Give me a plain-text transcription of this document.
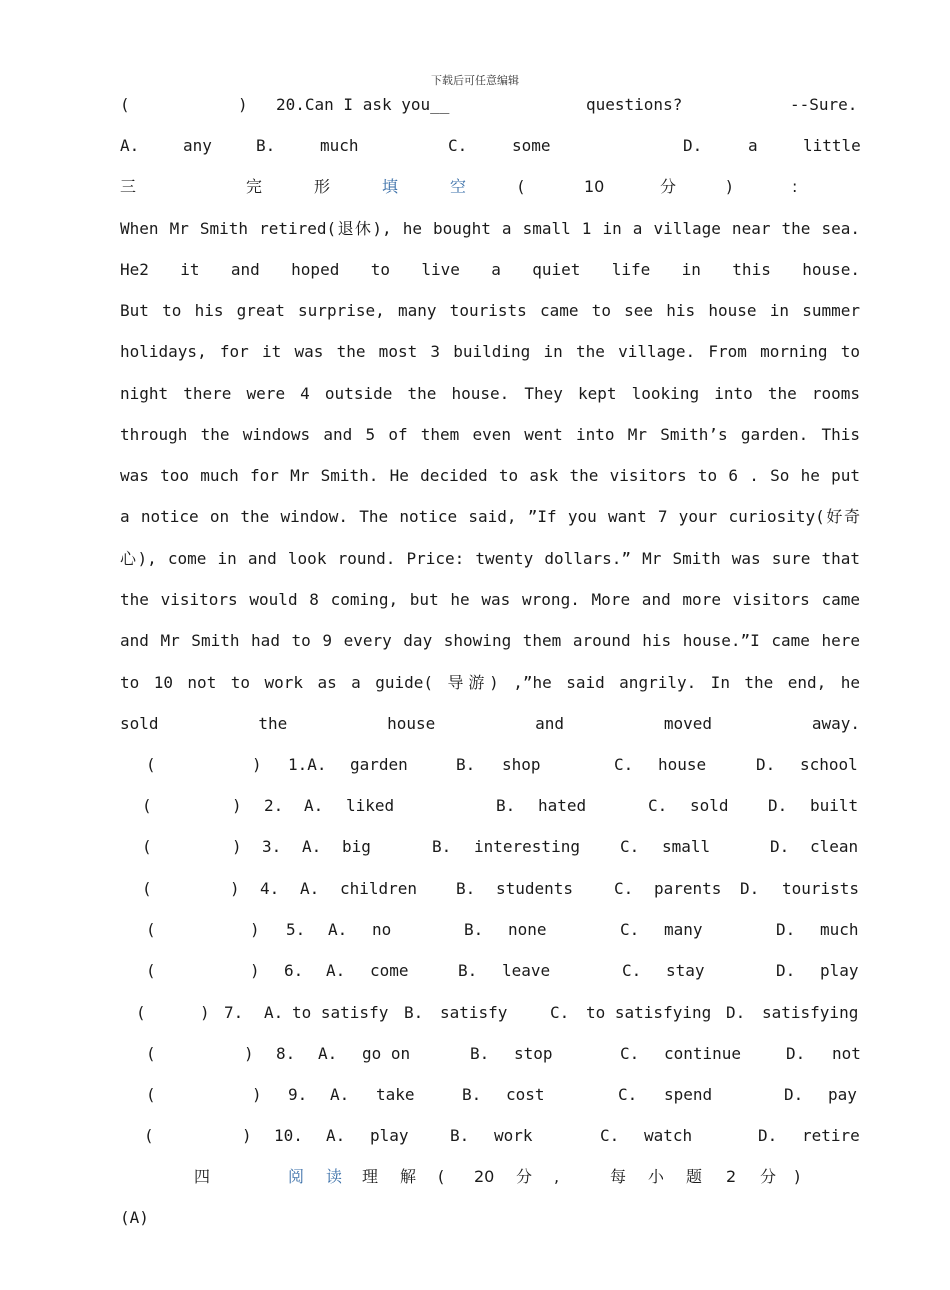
下载后可任意编辑
(	) 20.Can I ask you__	questions?	--Sure.
A.	any	B.	much	C.	some	D.	a	little
三	完	形	填	空	(	10	分	)	:
When Mr Smith retired(退休), he bought a small 1 in a village near the sea.
He2 it and hoped to live a quiet life in this house.
But to his great surprise, many tourists came to see his house in summer
holidays, for it was the most 3 building in the village. From morning to
night there were 4 outside the house. They kept looking into the rooms
through the windows and 5 of them even went into Mr Smith’s garden. This
was too much for Mr Smith. He decided to ask the visitors to 6 . So he put
a notice on the window. The notice said, ”If you want 7 your curiosity(好奇
心), come in and look round. Price: twenty dollars.” Mr Smith was sure that
the visitors would 8 coming, but he was wrong. More and more visitors came
and Mr Smith had to 9 every day showing them around his house.”I came here
to 10 not to work as a guide( 导游) ,”he said angrily. In the end, he
sold the house and moved away.
(	) 1.A. garden	B. shop	C. house	D. school
(	) 2. A. liked	B. hated	C. sold D. built
(	) 3. A. big	B. interesting	C. small	D. clean
(	) 4. A. children B. students	C. parents D. tourists
(	) 5. A. no	B. none	C. many	D. much
(	) 6. A. come	B. leave	C. stay	D. play
(	) 7. A. to satisfy B. satisfy	C. to satisfying D. satisfying
(	) 8. A. go on	B. stop	C. continue	D. not
(	) 9. A. take	B. cost	C. spend	D. pay
(	) 10. A. play	B. work	C. watch	D. retire
四	阅 读 理 解 ( 20 分 ,	每 小 题 2 分 )
(A)
